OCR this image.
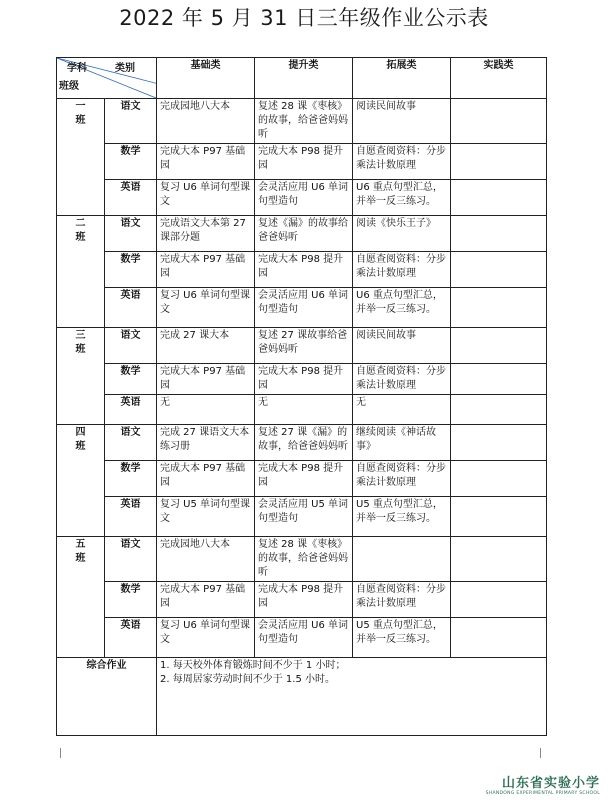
2022 年 5 月 31 日三年级作业公示表
学科 类别
班级		基础类	提升类	拓展类	实践类

一
班	语文	完成园地八大本	复述 28 课《枣核》的故事，给爸爸妈妈听	阅读民间故事	
	数学	完成大本 P97 基础园	完成大本 P98 提升园	自愿查阅资料：分步乘法计数原理	
	英语	复习 U6 单词句型课文	会灵活应用 U6 单词句型造句	U6 重点句型汇总，并举一反三练习。	

二
班	语文	完成语文大本第 27 课部分题	复述《漏》的故事给爸爸妈听	阅读《快乐王子》	
	数学	完成大本 P97 基础园	完成大本 P98 提升园	自愿查阅资料：分步乘法计数原理	
	英语	复习 U6 单词句型课文	会灵活应用 U6 单词句型造句	U6 重点句型汇总，并举一反三练习。	

三
班	语文	完成 27 课大本	复述 27 课故事给爸爸妈妈听	阅读民间故事	
	数学	完成大本 P97 基础园	完成大本 P98 提升园	自愿查阅资料：分步乘法计数原理	
	英语	无	无	无	

四
班	语文	完成 27 课语文大本练习册	复述 27 课《漏》的故事，给爸爸妈妈听	继续阅读《神话故事》	
	数学	完成大本 P97 基础园	完成大本 P98 提升园	自愿查阅资料：分步乘法计数原理	
	英语	复习 U5 单词句型课文	会灵活应用 U5 单词句型造句	U5 重点句型汇总，并举一反三练习。	

五
班	语文	完成园地八大本	复述 28 课《枣核》的故事，给爸爸妈妈听		
	数学	完成大本 P97 基础园	完成大本 P98 提升园	自愿查阅资料：分步乘法计数原理	
	英语	复习 U6 单词句型课文	会灵活应用 U6 单词句型造句	U5 重点句型汇总，并举一反三练习。	
综合作业		1. 每天校外体育锻炼时间不少于 1 小时；
2. 每周居家劳动时间不少于 1.5 小时。			
山东省实验小学
SHANDONG EXPERIMENTAL PRIMARY SCHOOL
